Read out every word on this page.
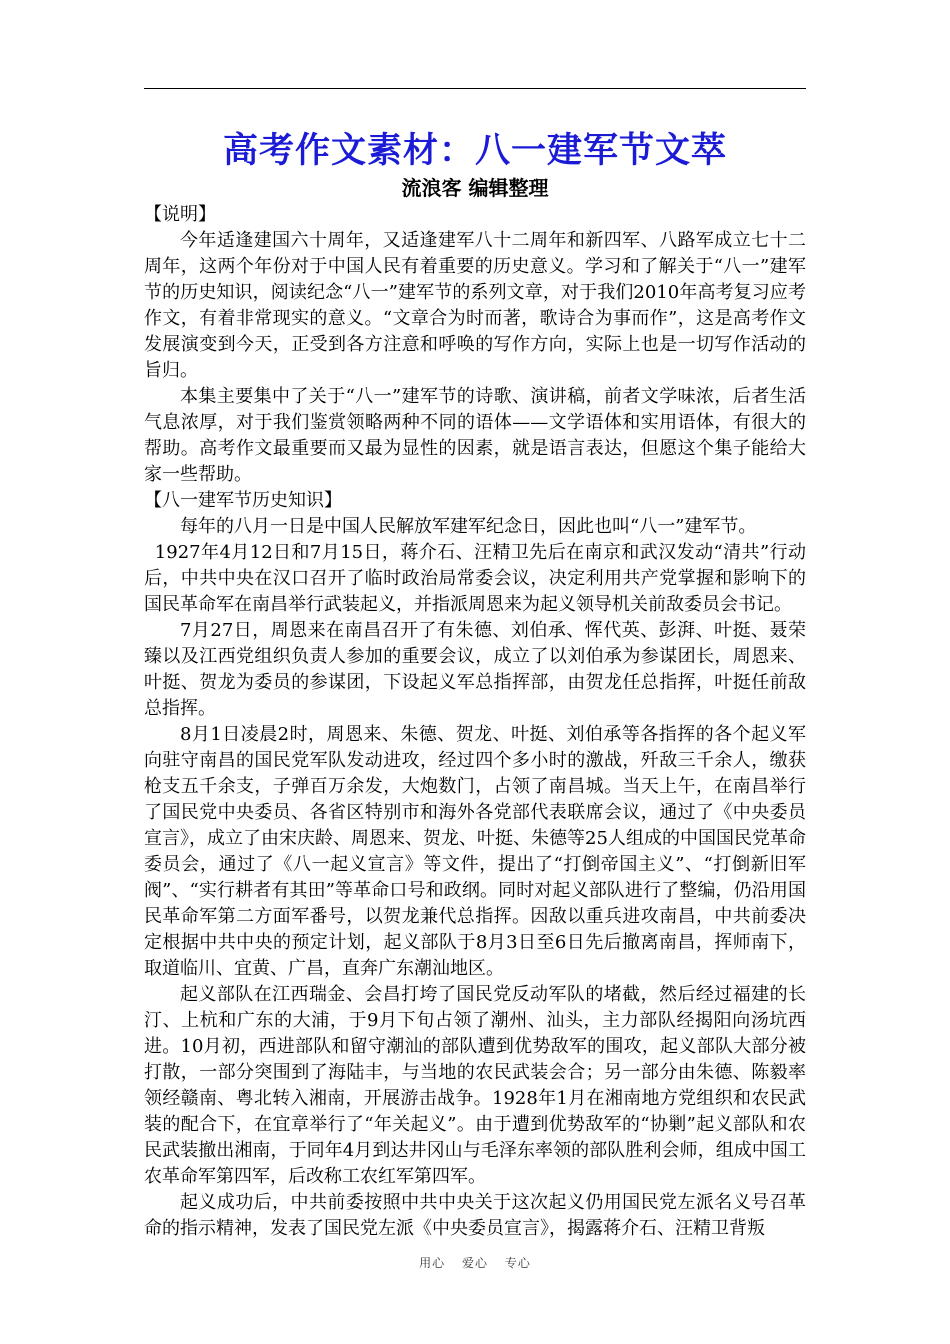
高考作文素材：八一建军节文萃

流浪客 编辑整理

【说明】

今年适逢建国六十周年，又适逢建军八十二周年和新四军、八路军成立七十二周年，这两个年份对于中国人民有着重要的历史意义。学习和了解关于“八一”建军节的历史知识，阅读纪念“八一”建军节的系列文章，对于我们2010年高考复习应考作文，有着非常现实的意义。“文章合为时而著，歌诗合为事而作”，这是高考作文发展演变到今天，正受到各方注意和呼唤的写作方向，实际上也是一切写作活动的旨归。

本集主要集中了关于“八一”建军节的诗歌、演讲稿，前者文学味浓，后者生活气息浓厚，对于我们鉴赏领略两种不同的语体——文学语体和实用语体，有很大的帮助。高考作文最重要而又最为显性的因素，就是语言表达，但愿这个集子能给大家一些帮助。

【八一建军节历史知识】

每年的八月一日是中国人民解放军建军纪念日，因此也叫“八一”建军节。

1927年4月12日和7月15日，蒋介石、汪精卫先后在南京和武汉发动“清共”行动后，中共中央在汉口召开了临时政治局常委会议，决定利用共产党掌握和影响下的国民革命军在南昌举行武装起义，并指派周恩来为起义领导机关前敌委员会书记。

7月27日，周恩来在南昌召开了有朱德、刘伯承、恽代英、彭湃、叶挺、聂荣臻以及江西党组织负责人参加的重要会议，成立了以刘伯承为参谋团长，周恩来、叶挺、贺龙为委员的参谋团，下设起义军总指挥部，由贺龙任总指挥，叶挺任前敌总指挥。

8月1日凌晨2时，周恩来、朱德、贺龙、叶挺、刘伯承等各指挥的各个起义军向驻守南昌的国民党军队发动进攻，经过四个多小时的激战，歼敌三千余人，缴获枪支五千余支，子弹百万余发，大炮数门，占领了南昌城。当天上午，在南昌举行了国民党中央委员、各省区特别市和海外各党部代表联席会议，通过了《中央委员宣言》，成立了由宋庆龄、周恩来、贺龙、叶挺、朱德等25人组成的中国国民党革命委员会，通过了《八一起义宣言》等文件，提出了“打倒帝国主义”、“打倒新旧军阀”、“实行耕者有其田”等革命口号和政纲。同时对起义部队进行了整编，仍沿用国民革命军第二方面军番号，以贺龙兼代总指挥。因敌以重兵进攻南昌，中共前委决定根据中共中央的预定计划，起义部队于8月3日至6日先后撤离南昌，挥师南下，取道临川、宜黄、广昌，直奔广东潮汕地区。

起义部队在江西瑞金、会昌打垮了国民党反动军队的堵截，然后经过福建的长汀、上杭和广东的大浦，于9月下旬占领了潮州、汕头，主力部队经揭阳向汤坑西进。10月初，西进部队和留守潮汕的部队遭到优势敌军的围攻，起义部队大部分被打散，一部分突围到了海陆丰，与当地的农民武装会合；另一部分由朱德、陈毅率领经赣南、粤北转入湘南，开展游击战争。1928年1月在湘南地方党组织和农民武装的配合下，在宜章举行了“年关起义”。由于遭到优势敌军的“协剿”起义部队和农民武装撤出湘南，于同年4月到达井冈山与毛泽东率领的部队胜利会师，组成中国工农革命军第四军，后改称工农红军第四军。

起义成功后，中共前委按照中共中央关于这次起义仍用国民党左派名义号召革命的指示精神，发表了国民党左派《中央委员宣言》，揭露蒋介石、汪精卫背叛

用心 爱心 专心
